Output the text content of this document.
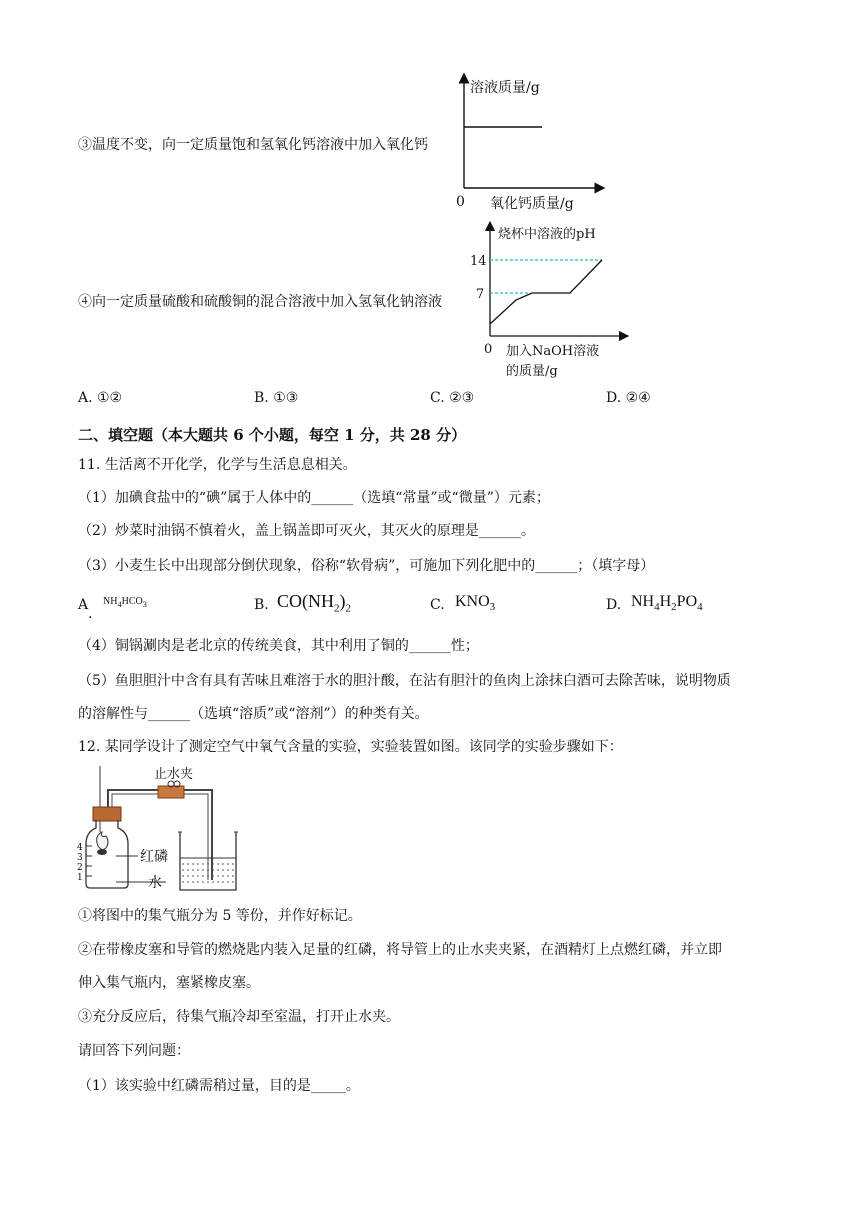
溶液质量/g
0 氧化钙质量/g
③温度不变，向一定质量饱和氢氧化钙溶液中加入氧化钙
烧杯中溶液的pH
14
7
0 加入NaOH溶液
的质量/g
④向一定质量硫酸和硫酸铜的混合溶液中加入氢氧化钠溶液
A. ①②	B. ①③	C. ②③	D. ②④
二、填空题（本大题共 6 个小题，每空 1 分，共 28 分）
11. 生活离不开化学，化学与生活息息相关。
（1）加碘食盐中的“碘”属于人体中的______（选填“常量”或“微量”）元素；
（2）炒菜时油锅不慎着火，盖上锅盖即可灭火，其灭火的原理是______。
（3）小麦生长中出现部分倒伏现象，俗称“软骨病”，可施加下列化肥中的______；（填字母）
A
.
$NH_4HCO_3$	B. $CO(NH_2)_2$	C. $KNO_3$	D. $NH_4H_2PO_4$
（4）铜锅涮肉是老北京的传统美食，其中利用了铜的______性；
（5）鱼胆胆汁中含有具有苦味且难溶于水的胆汁酸，在沾有胆汁的鱼肉上涂抹白酒可去除苦味，说明物质
的溶解性与______（选填“溶质”或“溶剂”）的种类有关。
12. 某同学设计了测定空气中氧气含量的实验，实验装置如图。该同学的实验步骤如下：
止水夹
4
3
2
1
红磷
水
①将图中的集气瓶分为 5 等份，并作好标记。
②在带橡皮塞和导管的燃烧匙内装入足量的红磷，将导管上的止水夹夹紧，在酒精灯上点燃红磷，并立即
伸入集气瓶内，塞紧橡皮塞。
③充分反应后，待集气瓶冷却至室温，打开止水夹。
请回答下列问题：
（1）该实验中红磷需稍过量，目的是_____。
